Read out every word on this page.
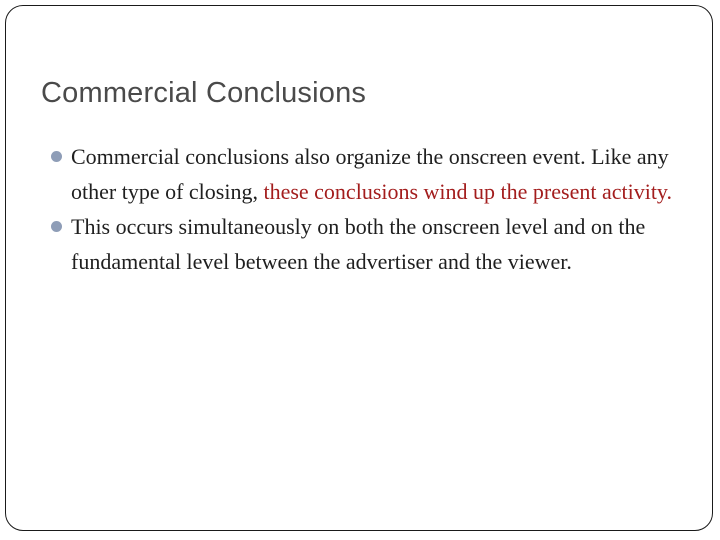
Commercial Conclusions
Commercial conclusions also organize the onscreen event. Like any other type of closing, these conclusions wind up the present activity.
This occurs simultaneously on both the onscreen level and on the fundamental level between the advertiser and the viewer.
